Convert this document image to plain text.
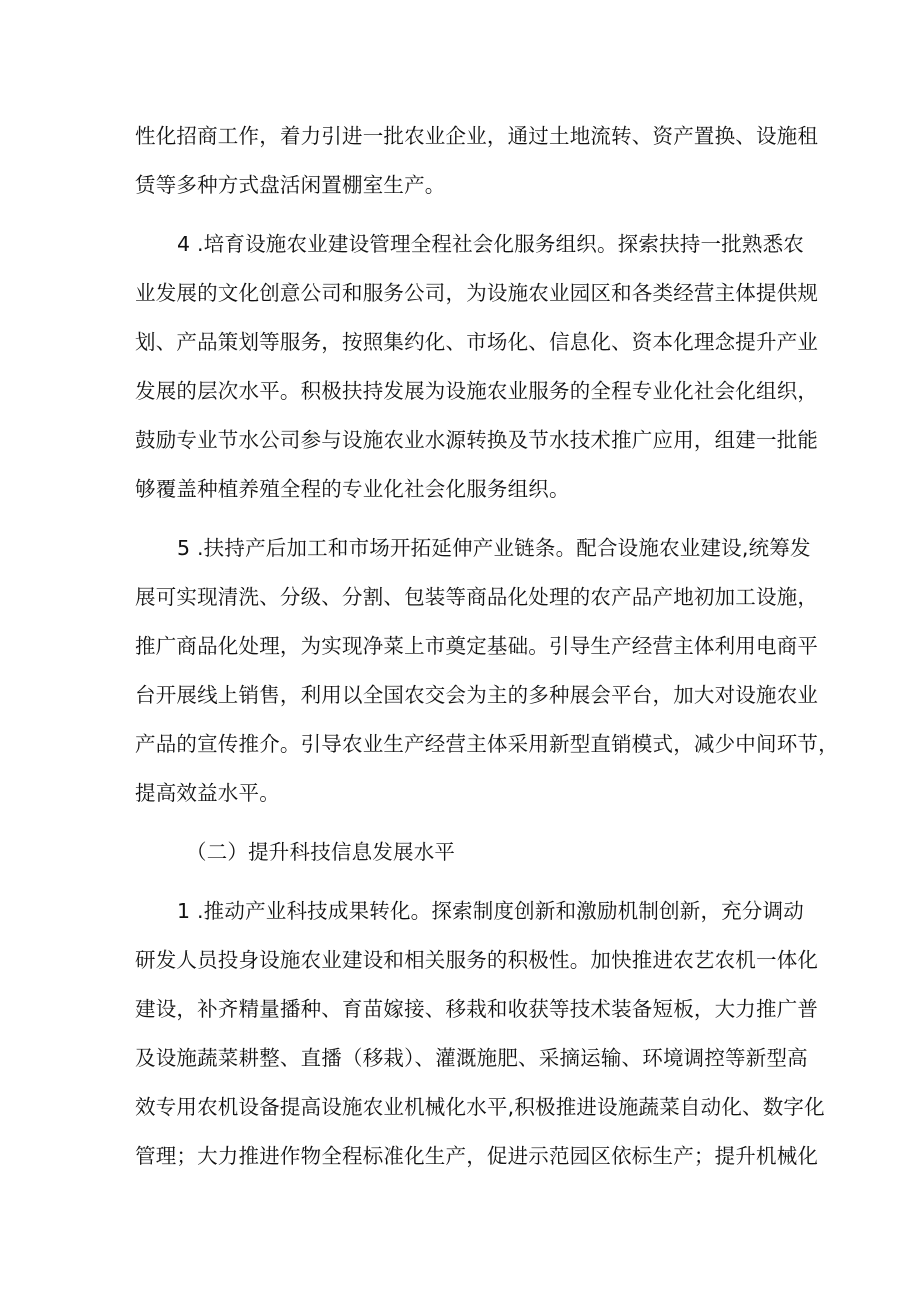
性化招商工作，着力引进一批农业企业，通过土地流转、资产置换、设施租
赁等多种方式盘活闲置棚室生产。
4 .培育设施农业建设管理全程社会化服务组织。探索扶持一批熟悉农
业发展的文化创意公司和服务公司，为设施农业园区和各类经营主体提供规
划、产品策划等服务，按照集约化、市场化、信息化、资本化理念提升产业
发展的层次水平。积极扶持发展为设施农业服务的全程专业化社会化组织，
鼓励专业节水公司参与设施农业水源转换及节水技术推广应用，组建一批能
够覆盖种植养殖全程的专业化社会化服务组织。
5 .扶持产后加工和市场开拓延伸产业链条。配合设施农业建设,统筹发
展可实现清洗、分级、分割、包装等商品化处理的农产品产地初加工设施，
推广商品化处理，为实现净菜上市奠定基础。引导生产经营主体利用电商平
台开展线上销售，利用以全国农交会为主的多种展会平台，加大对设施农业
产品的宣传推介。引导农业生产经营主体采用新型直销模式，减少中间环节，
提高效益水平。
（二）提升科技信息发展水平
1 .推动产业科技成果转化。探索制度创新和激励机制创新，充分调动
研发人员投身设施农业建设和相关服务的积极性。加快推进农艺农机一体化
建设，补齐精量播种、育苗嫁接、移栽和收获等技术装备短板，大力推广普
及设施蔬菜耕整、直播（移栽）、灌溉施肥、采摘运输、环境调控等新型高
效专用农机设备提高设施农业机械化水平,积极推进设施蔬菜自动化、数字化
管理；大力推进作物全程标准化生产，促进示范园区依标生产；提升机械化
